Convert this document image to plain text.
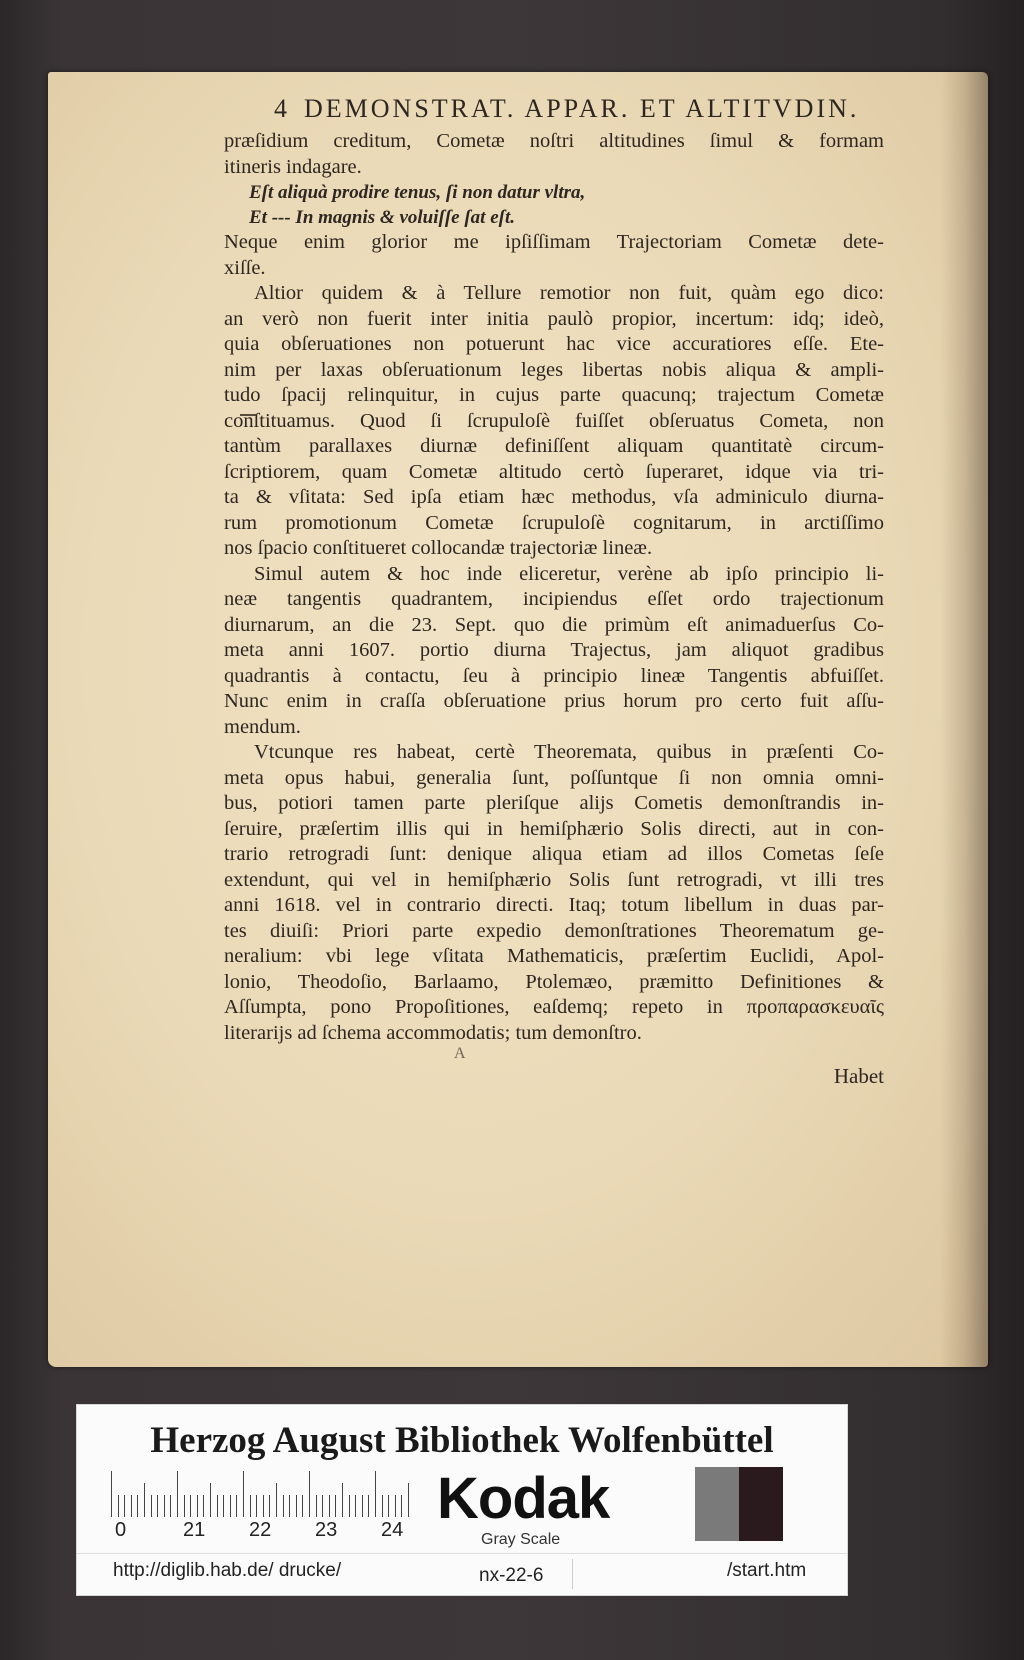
4 DEMONSTRAT. APPAR. ET ALTITVDIN.
præſidium creditum, Cometæ noſtri altitudines ſimul & formam
itineris indagare.
Eſt aliquà prodire tenus, ſi non datur vltra,
Et --- In magnis & voluiſſe ſat eſt.
Neque enim glorior me ipſiſſimam Trajectoriam Cometæ dete-
xiſſe.
Altior quidem & à Tellure remotior non fuit, quàm ego dico:
an verò non fuerit inter initia paulò propior, incertum: idq; ideò,
quia obſeruationes non potuerunt hac vice accuratiores eſſe. Ete-
nim per laxas obſeruationum leges libertas nobis aliqua & ampli-
tudo ſpacij relinquitur, in cujus parte quacunq; trajectum Cometæ
conſtituamus. Quod ſi ſcrupuloſè fuiſſet obſeruatus Cometa, non
tantùm parallaxes diurnæ definiſſent aliquam quantitatè circum-
ſcriptiorem, quam Cometæ altitudo certò ſuperaret, idque via tri-
ta & vſitata: Sed ipſa etiam hæc methodus, vſa adminiculo diurna-
rum promotionum Cometæ ſcrupuloſè cognitarum, in arctiſſimo
nos ſpacio conſtitueret collocandæ trajectoriæ lineæ.
Simul autem & hoc inde eliceretur, verène ab ipſo principio li-
neæ tangentis quadrantem, incipiendus eſſet ordo trajectionum
diurnarum, an die 23. Sept. quo die primùm eſt animaduerſus Co-
meta anni 1607. portio diurna Trajectus, jam aliquot gradibus
quadrantis à contactu, ſeu à principio lineæ Tangentis abfuiſſet.
Nunc enim in craſſa obſeruatione prius horum pro certo fuit aſſu-
mendum.
Vtcunque res habeat, certè Theoremata, quibus in præſenti Co-
meta opus habui, generalia ſunt, poſſuntque ſi non omnia omni-
bus, potiori tamen parte pleriſque alijs Cometis demonſtrandis in-
ſeruire, præſertim illis qui in hemiſphærio Solis directi, aut in con-
trario retrogradi ſunt: denique aliqua etiam ad illos Cometas ſeſe
extendunt, qui vel in hemiſphærio Solis ſunt retrogradi, vt illi tres
anni 1618. vel in contrario directi. Itaq; totum libellum in duas par-
tes diuiſi: Priori parte expedio demonſtrationes Theorematum ge-
neralium: vbi lege vſitata Mathematicis, præſertim Euclidi, Apol-
lonio, Theodoſio, Barlaamo, Ptolemæo, præmitto Definitiones &
Aſſumpta, pono Propoſitiones, eaſdemq; repeto in προπαρασκευαῖς
literarijs ad ſchema accommodatis; tum demonſtro.
A
Habet
Herzog August Bibliothek Wolfenbüttel
0	21 22 23 24 Kodak
Gray Scale
http://diglib.hab.de/ drucke/	nx-22-6	/start.htm
